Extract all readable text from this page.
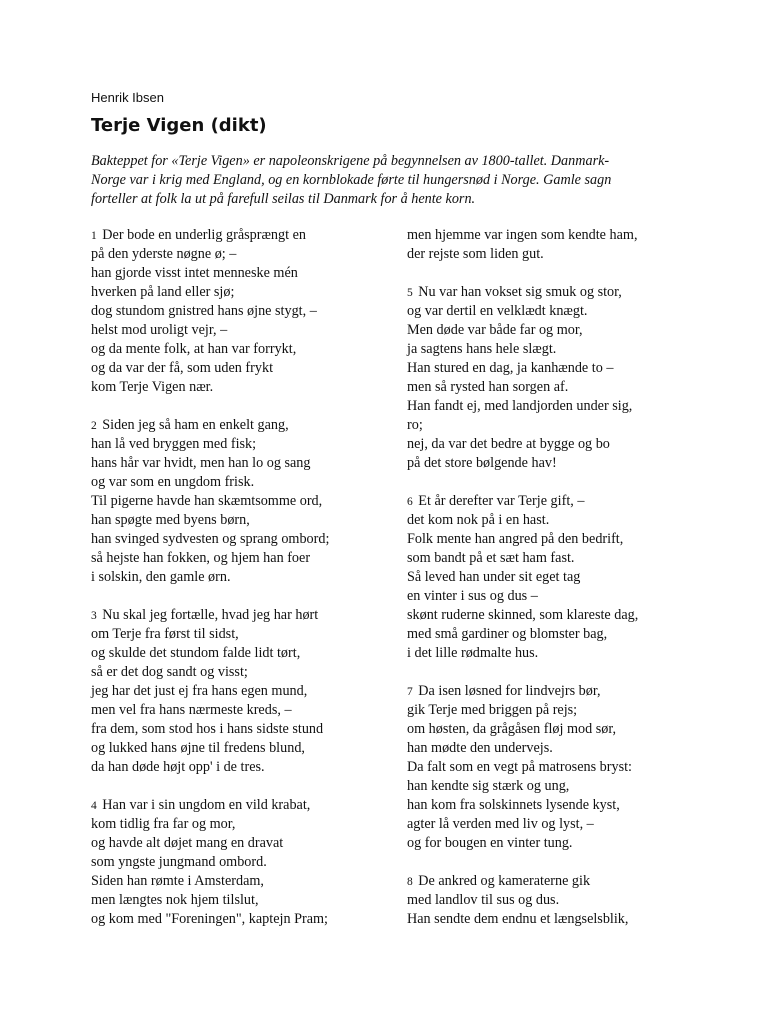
Henrik Ibsen
Terje Vigen (dikt)
Bakteppet for «Terje Vigen» er napoleonskrigene på begynnelsen av 1800-tallet. Danmark-
Norge var i krig med England, og en kornblokade førte til hungersnød i Norge. Gamle sagn
forteller at folk la ut på farefull seilas til Danmark for å hente korn.
1 Der bode en underlig gråsprængt en
på den yderste nøgne ø; –
han gjorde visst intet menneske mén
hverken på land eller sjø;
dog stundom gnistred hans øjne stygt, –
helst mod uroligt vejr, –
og da mente folk, at han var forrykt,
og da var der få, som uden frykt
kom Terje Vigen nær.
2 Siden jeg så ham en enkelt gang,
han lå ved bryggen med fisk;
hans hår var hvidt, men han lo og sang
og var som en ungdom frisk.
Til pigerne havde han skæmtsomme ord,
han spøgte med byens børn,
han svinged sydvesten og sprang ombord;
så hejste han fokken, og hjem han foer
i solskin, den gamle ørn.
3 Nu skal jeg fortælle, hvad jeg har hørt
om Terje fra først til sidst,
og skulde det stundom falde lidt tørt,
så er det dog sandt og visst;
jeg har det just ej fra hans egen mund,
men vel fra hans nærmeste kreds, –
fra dem, som stod hos i hans sidste stund
og lukked hans øjne til fredens blund,
da han døde højt opp' i de tres.
4 Han var i sin ungdom en vild krabat,
kom tidlig fra far og mor,
og havde alt døjet mang en dravat
som yngste jungmand ombord.
Siden han rømte i Amsterdam,
men længtes nok hjem tilslut,
og kom med "Foreningen", kaptejn Pram;
men hjemme var ingen som kendte ham,
der rejste som liden gut.
5 Nu var han vokset sig smuk og stor,
og var dertil en velklædt knægt.
Men døde var både far og mor,
ja sagtens hans hele slægt.
Han stured en dag, ja kanhænde to –
men så rysted han sorgen af.
Han fandt ej, med landjorden under sig,
ro;
nej, da var det bedre at bygge og bo
på det store bølgende hav!
6 Et år derefter var Terje gift, –
det kom nok på i en hast.
Folk mente han angred på den bedrift,
som bandt på et sæt ham fast.
Så leved han under sit eget tag
en vinter i sus og dus –
skønt ruderne skinned, som klareste dag,
med små gardiner og blomster bag,
i det lille rødmalte hus.
7 Da isen løsned for lindvejrs bør,
gik Terje med briggen på rejs;
om høsten, da grågåsen fløj mod sør,
han mødte den undervejs.
Da falt som en vegt på matrosens bryst:
han kendte sig stærk og ung,
han kom fra solskinnets lysende kyst,
agter lå verden med liv og lyst, –
og for bougen en vinter tung.
8 De ankred og kameraterne gik
med landlov til sus og dus.
Han sendte dem endnu et længselsblik,
